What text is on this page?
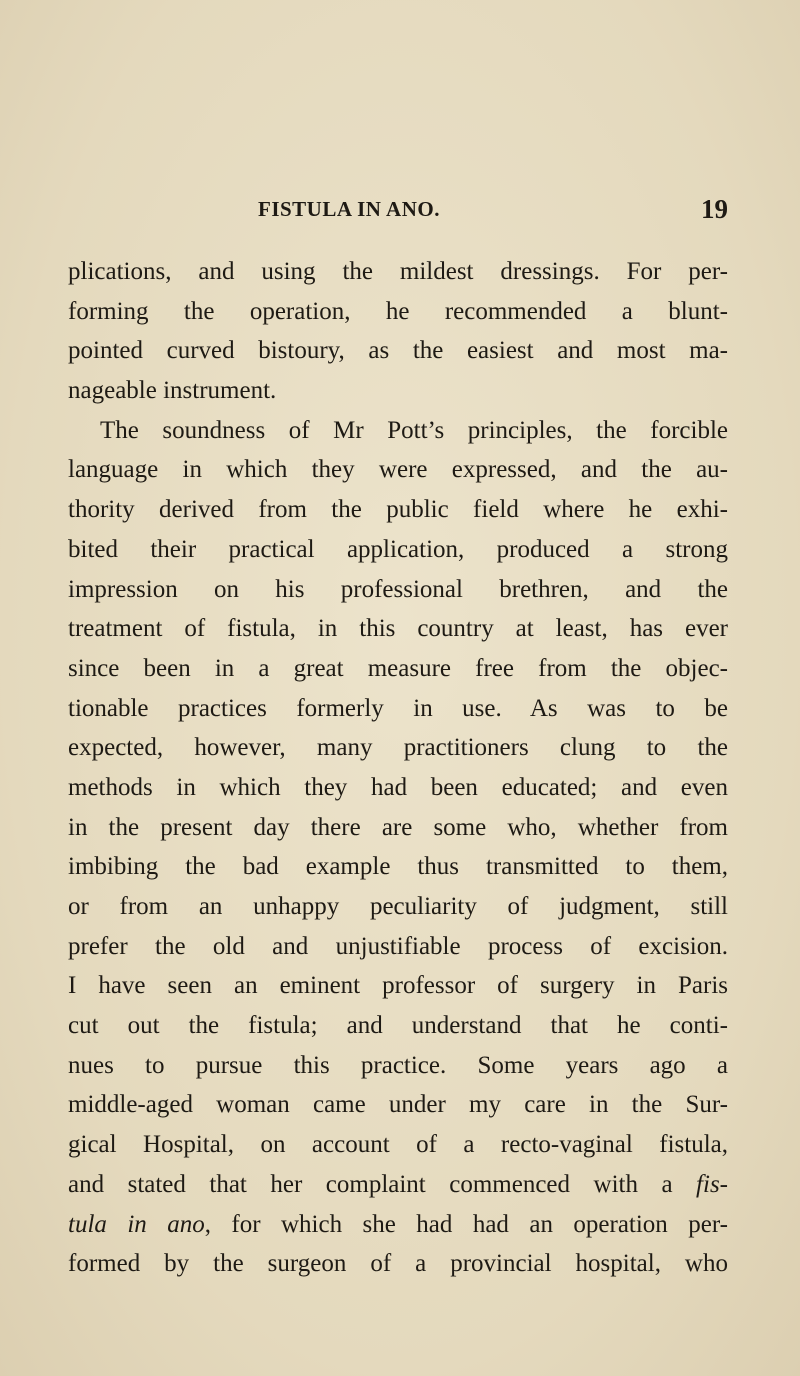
FISTULA IN ANO.	19
plications, and using the mildest dressings. For per-
forming the operation, he recommended a blunt-
pointed curved bistoury, as the easiest and most ma-
nageable instrument.
The soundness of Mr Pott’s principles, the forcible
language in which they were expressed, and the au-
thority derived from the public field where he exhi-
bited their practical application, produced a strong
impression on his professional brethren, and the
treatment of fistula, in this country at least, has ever
since been in a great measure free from the objec-
tionable practices formerly in use. As was to be
expected, however, many practitioners clung to the
methods in which they had been educated; and even
in the present day there are some who, whether from
imbibing the bad example thus transmitted to them,
or from an unhappy peculiarity of judgment, still
prefer the old and unjustifiable process of excision.
I have seen an eminent professor of surgery in Paris
cut out the fistula; and understand that he conti-
nues to pursue this practice. Some years ago a
middle-aged woman came under my care in the Sur-
gical Hospital, on account of a recto-vaginal fistula,
and stated that her complaint commenced with a fis-
tula in ano, for which she had had an operation per-
formed by the surgeon of a provincial hospital, who
